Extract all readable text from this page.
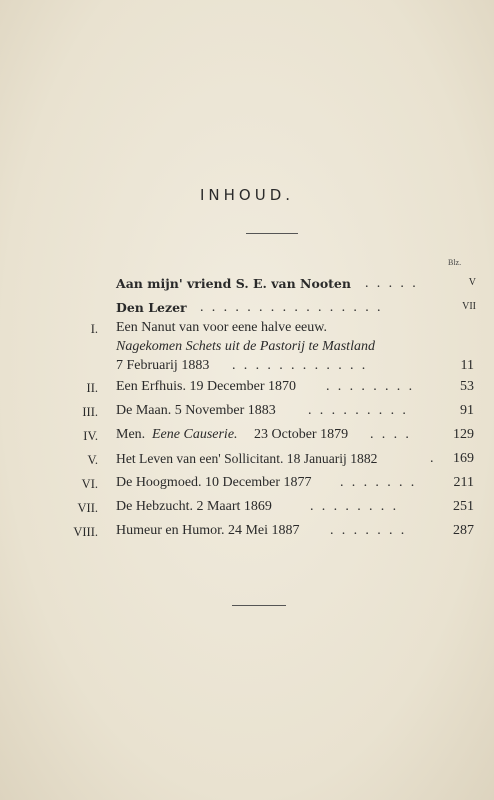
INHOUD.
Blz.
Aan mijn' vriend S. E. van Nooten . . . . .	V
Den Lezer . . . . . . . . . . . . . . . .	VII
I. Een Nanut van voor eene halve eeuw.
Nagekomen Schets uit de Pastorij te Mastland
7 Februarij 1883 . . . . . . . . . . . .	11
II. Een Erfhuis. 19 December 1870 . . . . . . . .	53
III. De Maan. 5 November 1883 . . . . . . . . .	91
IV. Men. Eene Causerie. 23 October 1879 . . . .	129
V. Het Leven van een' Sollicitant. 18 Januarij 1882	.	169
VI. De Hoogmoed. 10 December 1877 . . . . . . .	211
VII. De Hebzucht. 2 Maart 1869	. . . . . . . .	251
VIII. Humeur en Humor. 24 Mei 1887 . . . . . . .	287
